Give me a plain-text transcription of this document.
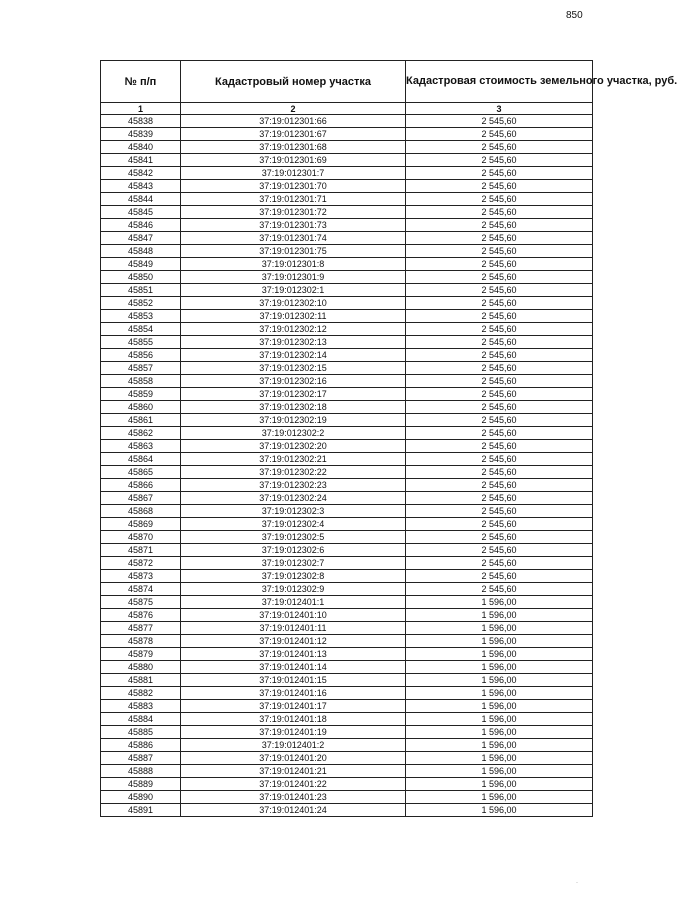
850
№ п/п	Кадастровый номер участка	Кадастровая стоимость земельного участка, руб.
1	2	3
45838	37:19:012301:66	2 545,60
45839	37:19:012301:67	2 545,60
45840	37:19:012301:68	2 545,60
45841	37:19:012301:69	2 545,60
45842	37:19:012301:7	2 545,60
45843	37:19:012301:70	2 545,60
45844	37:19:012301:71	2 545,60
45845	37:19:012301:72	2 545,60
45846	37:19:012301:73	2 545,60
45847	37:19:012301:74	2 545,60
45848	37:19:012301:75	2 545,60
45849	37:19:012301:8	2 545,60
45850	37:19:012301:9	2 545,60
45851	37:19:012302:1	2 545,60
45852	37:19:012302:10	2 545,60
45853	37:19:012302:11	2 545,60
45854	37:19:012302:12	2 545,60
45855	37:19:012302:13	2 545,60
45856	37:19:012302:14	2 545,60
45857	37:19:012302:15	2 545,60
45858	37:19:012302:16	2 545,60
45859	37:19:012302:17	2 545,60
45860	37:19:012302:18	2 545,60
45861	37:19:012302:19	2 545,60
45862	37:19:012302:2	2 545,60
45863	37:19:012302:20	2 545,60
45864	37:19:012302:21	2 545,60
45865	37:19:012302:22	2 545,60
45866	37:19:012302:23	2 545,60
45867	37:19:012302:24	2 545,60
45868	37:19:012302:3	2 545,60
45869	37:19:012302:4	2 545,60
45870	37:19:012302:5	2 545,60
45871	37:19:012302:6	2 545,60
45872	37:19:012302:7	2 545,60
45873	37:19:012302:8	2 545,60
45874	37:19:012302:9	2 545,60
45875	37:19:012401:1	1 596,00
45876	37:19:012401:10	1 596,00
45877	37:19:012401:11	1 596,00
45878	37:19:012401:12	1 596,00
45879	37:19:012401:13	1 596,00
45880	37:19:012401:14	1 596,00
45881	37:19:012401:15	1 596,00
45882	37:19:012401:16	1 596,00
45883	37:19:012401:17	1 596,00
45884	37:19:012401:18	1 596,00
45885	37:19:012401:19	1 596,00
45886	37:19:012401:2	1 596,00
45887	37:19:012401:20	1 596,00
45888	37:19:012401:21	1 596,00
45889	37:19:012401:22	1 596,00
45890	37:19:012401:23	1 596,00
45891	37:19:012401:24	1 596,00
·
